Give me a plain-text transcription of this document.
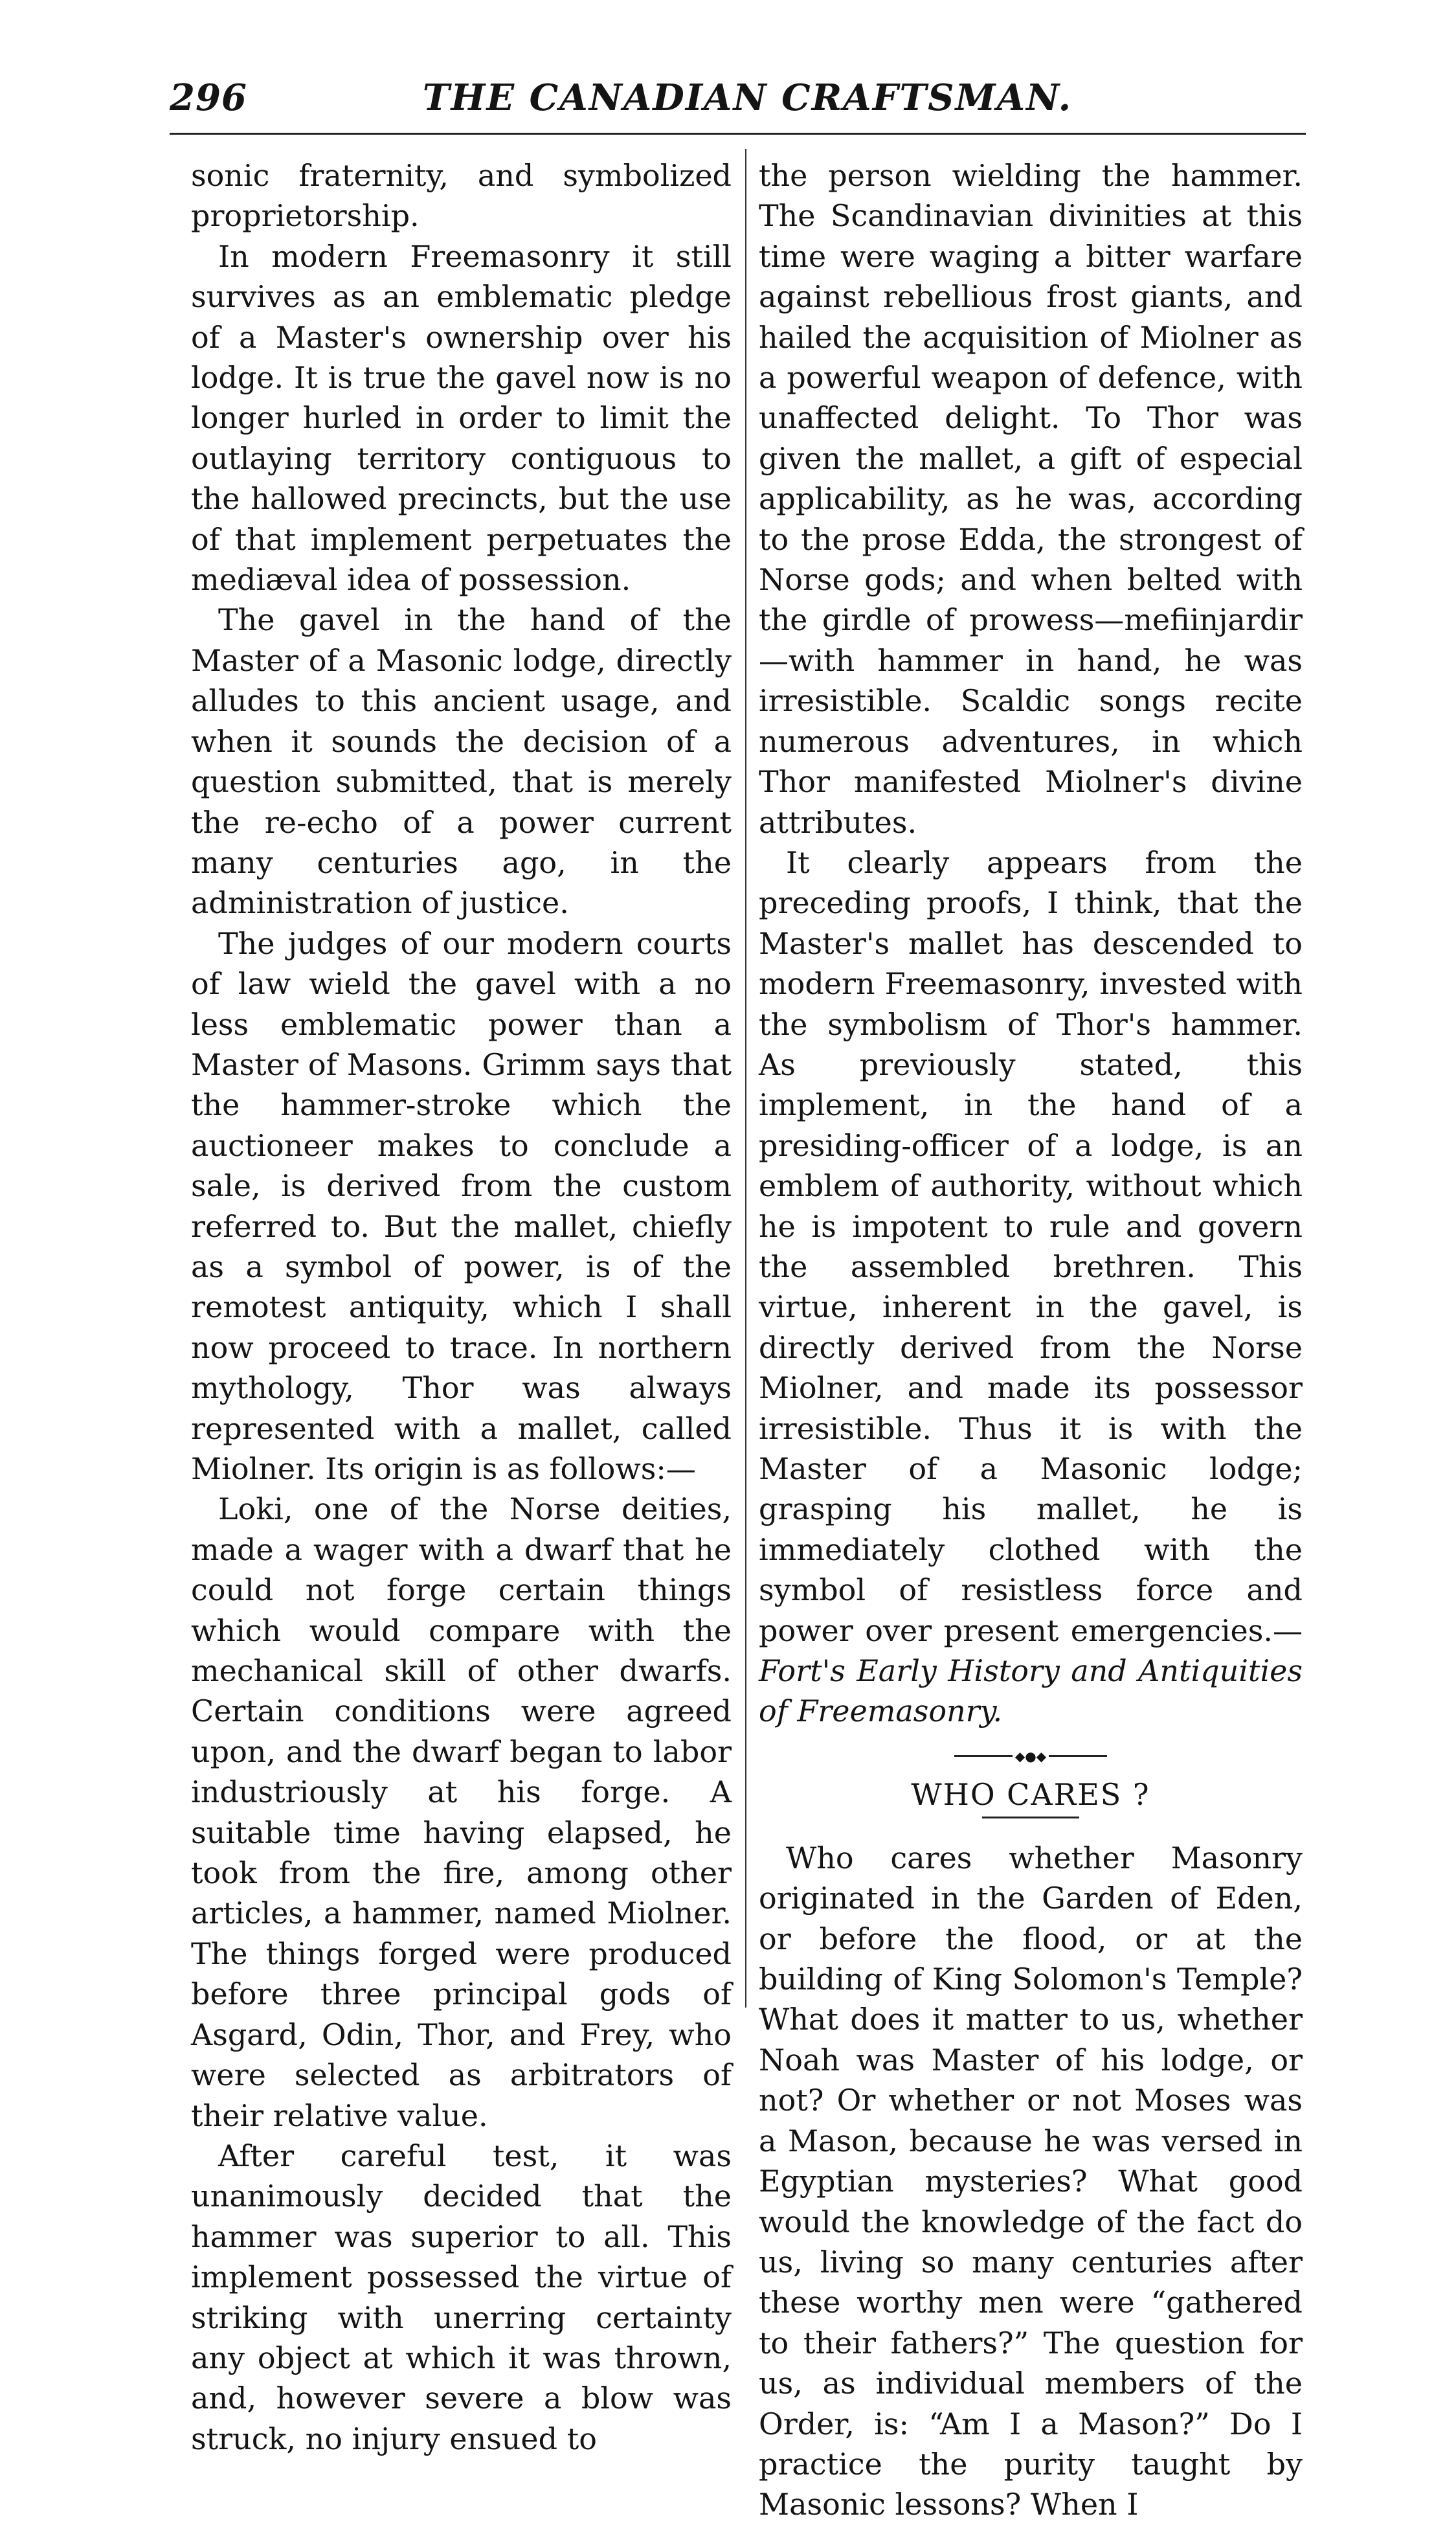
296	THE CANADIAN CRAFTSMAN.

sonic fraternity, and symbolized proprietorship.

In modern Freemasonry it still survives as an emblematic pledge of a Master's ownership over his lodge. It is true the gavel now is no longer hurled in order to limit the outlaying territory contiguous to the hallowed precincts, but the use of that implement perpetuates the mediæval idea of possession.

The gavel in the hand of the Master of a Masonic lodge, directly alludes to this ancient usage, and when it sounds the decision of a question submitted, that is merely the re-echo of a power current many centuries ago, in the administration of justice.

The judges of our modern courts of law wield the gavel with a no less emblematic power than a Master of Masons. Grimm says that the hammer-stroke which the auctioneer makes to conclude a sale, is derived from the custom referred to. But the mallet, chiefly as a symbol of power, is of the remotest antiquity, which I shall now proceed to trace. In northern mythology, Thor was always represented with a mallet, called Miolner. Its origin is as follows:—

Loki, one of the Norse deities, made a wager with a dwarf that he could not forge certain things which would compare with the mechanical skill of other dwarfs. Certain conditions were agreed upon, and the dwarf began to labor industriously at his forge. A suitable time having elapsed, he took from the fire, among other articles, a hammer, named Miolner. The things forged were produced before three principal gods of Asgard, Odin, Thor, and Frey, who were selected as arbitrators of their relative value.

After careful test, it was unanimously decided that the hammer was superior to all. This implement possessed the virtue of striking with unerring certainty any object at which it was thrown, and, however severe a blow was struck, no injury ensued to

the person wielding the hammer. The Scandinavian divinities at this time were waging a bitter warfare against rebellious frost giants, and hailed the acquisition of Miolner as a powerful weapon of defence, with unaffected delight. To Thor was given the mallet, a gift of especial applicability, as he was, according to the prose Edda, the strongest of Norse gods; and when belted with the girdle of prowess—mefiinjardir—with hammer in hand, he was irresistible. Scaldic songs recite numerous adventures, in which Thor manifested Miolner's divine attributes.

It clearly appears from the preceding proofs, I think, that the Master's mallet has descended to modern Freemasonry, invested with the symbolism of Thor's hammer. As previously stated, this implement, in the hand of a presiding-officer of a lodge, is an emblem of authority, without which he is impotent to rule and govern the assembled brethren. This virtue, inherent in the gavel, is directly derived from the Norse Miolner, and made its possessor irresistible. Thus it is with the Master of a Masonic lodge; grasping his mallet, he is immediately clothed with the symbol of resistless force and power over present emergencies.—Fort's Early History and Antiquities of Freemasonry.

◆●◆
WHO CARES ?

Who cares whether Masonry originated in the Garden of Eden, or before the flood, or at the building of King Solomon's Temple? What does it matter to us, whether Noah was Master of his lodge, or not? Or whether or not Moses was a Mason, because he was versed in Egyptian mysteries? What good would the knowledge of the fact do us, living so many centuries after these worthy men were “gathered to their fathers?” The question for us, as individual members of the Order, is: “Am I a Mason?” Do I practice the purity taught by Masonic lessons? When I
